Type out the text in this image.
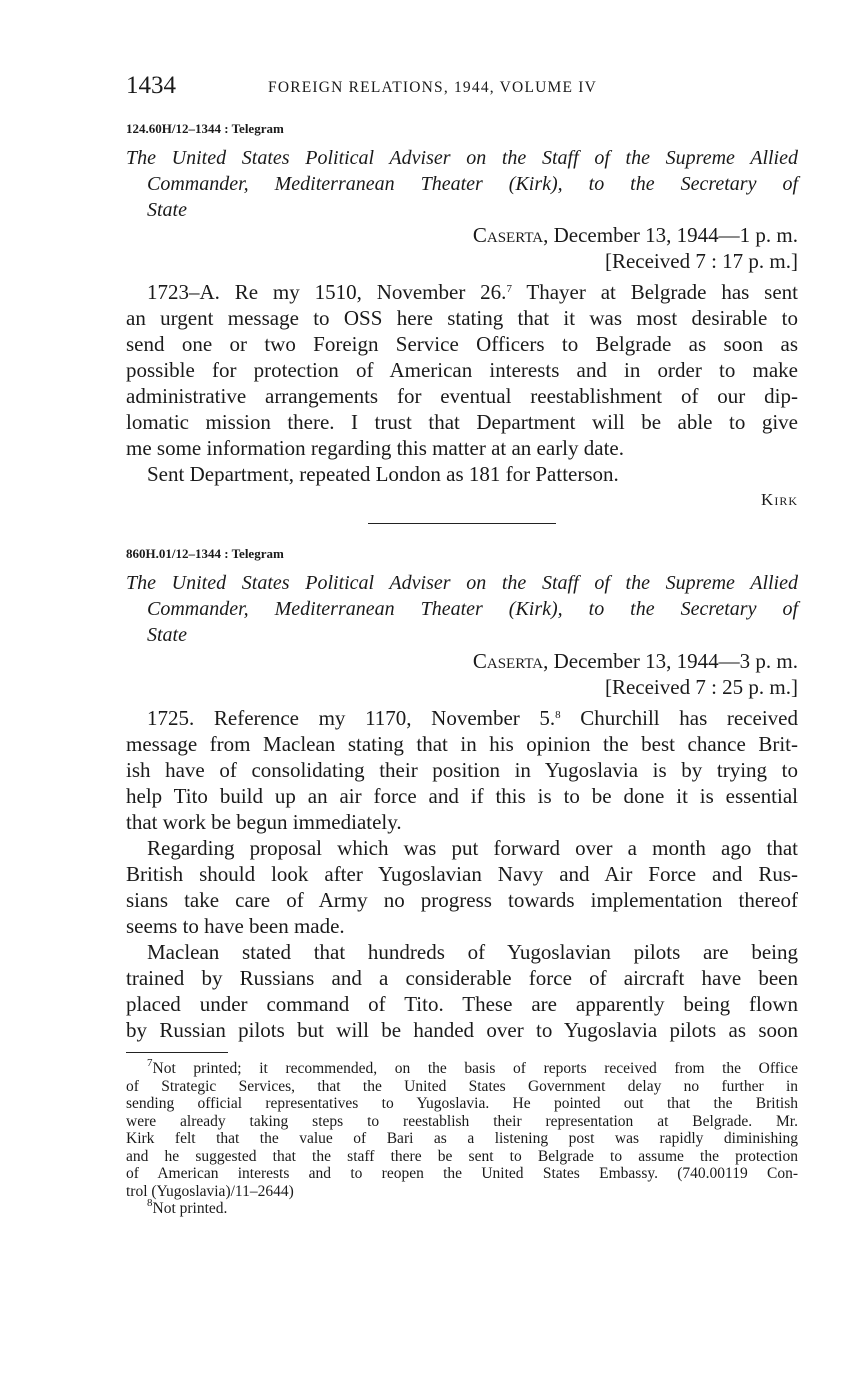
1434	FOREIGN RELATIONS, 1944, VOLUME IV
124.60H/12–1344 : Telegram
The United States Political Adviser on the Staff of the Supreme Allied
Commander, Mediterranean Theater (Kirk), to the Secretary of
State
Caserta, December 13, 1944—1 p. m.
[Received 7 : 17 p. m.]
1723–A. Re my 1510, November 26.$^7$ Thayer at Belgrade has sent
an urgent message to OSS here stating that it was most desirable to
send one or two Foreign Service Officers to Belgrade as soon as
possible for protection of American interests and in order to make
administrative arrangements for eventual reestablishment of our dip-
lomatic mission there. I trust that Department will be able to give
me some information regarding this matter at an early date.
Sent Department, repeated London as 181 for Patterson.
Kirk
860H.01/12–1344 : Telegram
The United States Political Adviser on the Staff of the Supreme Allied
Commander, Mediterranean Theater (Kirk), to the Secretary of
State
Caserta, December 13, 1944—3 p. m.
[Received 7 : 25 p. m.]
1725. Reference my 1170, November 5.$^8$ Churchill has received
message from Maclean stating that in his opinion the best chance Brit-
ish have of consolidating their position in Yugoslavia is by trying to
help Tito build up an air force and if this is to be done it is essential
that work be begun immediately.
Regarding proposal which was put forward over a month ago that
British should look after Yugoslavian Navy and Air Force and Rus-
sians take care of Army no progress towards implementation thereof
seems to have been made.
Maclean stated that hundreds of Yugoslavian pilots are being
trained by Russians and a considerable force of aircraft have been
placed under command of Tito. These are apparently being flown
by Russian pilots but will be handed over to Yugoslavia pilots as soon
$^7$Not printed; it recommended, on the basis of reports received from the Office
of Strategic Services, that the United States Government delay no further in
sending official representatives to Yugoslavia. He pointed out that the British
were already taking steps to reestablish their representation at Belgrade. Mr.
Kirk felt that the value of Bari as a listening post was rapidly diminishing
and he suggested that the staff there be sent to Belgrade to assume the protection
of American interests and to reopen the United States Embassy. (740.00119 Con-
trol (Yugoslavia)/11–2644)
$^8$Not printed.
